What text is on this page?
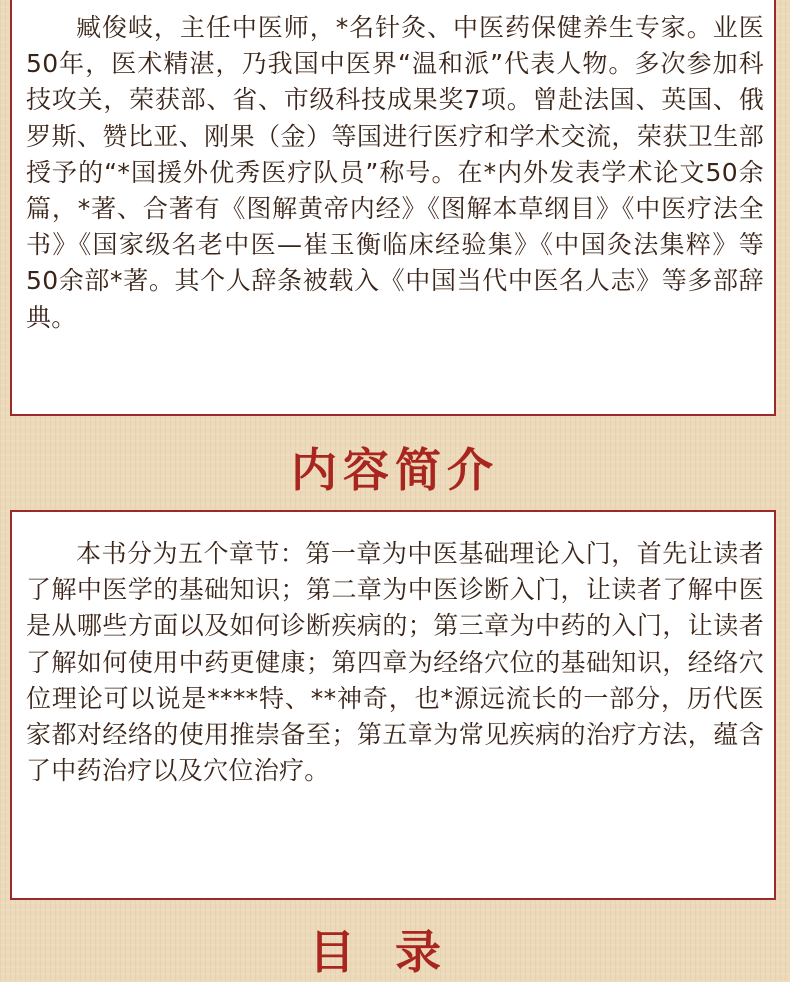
臧俊岐，主任中医师，*名针灸、中医药保健养生专家。业医50年，医术精湛，乃我国中医界“温和派”代表人物。多次参加科技攻关，荣获部、省、市级科技成果奖7项。曾赴法国、英国、俄罗斯、赞比亚、刚果（金）等国进行医疗和学术交流，荣获卫生部授予的“*国援外优秀医疗队员”称号。在*内外发表学术论文50余篇，*著、合著有《图解黄帝内经》《图解本草纲目》《中医疗法全书》《国家级名老中医—崔玉衡临床经验集》《中国灸法集粹》等50余部*著。其个人辞条被载入《中国当代中医名人志》等多部辞典。

内容简介

本书分为五个章节：第一章为中医基础理论入门，首先让读者了解中医学的基础知识；第二章为中医诊断入门，让读者了解中医是从哪些方面以及如何诊断疾病的；第三章为中药的入门，让读者了解如何使用中药更健康；第四章为经络穴位的基础知识，经络穴位理论可以说是****特、**神奇，也*源远流长的一部分，历代医家都对经络的使用推崇备至；第五章为常见疾病的治疗方法，蕴含了中药治疗以及穴位治疗。

目录
